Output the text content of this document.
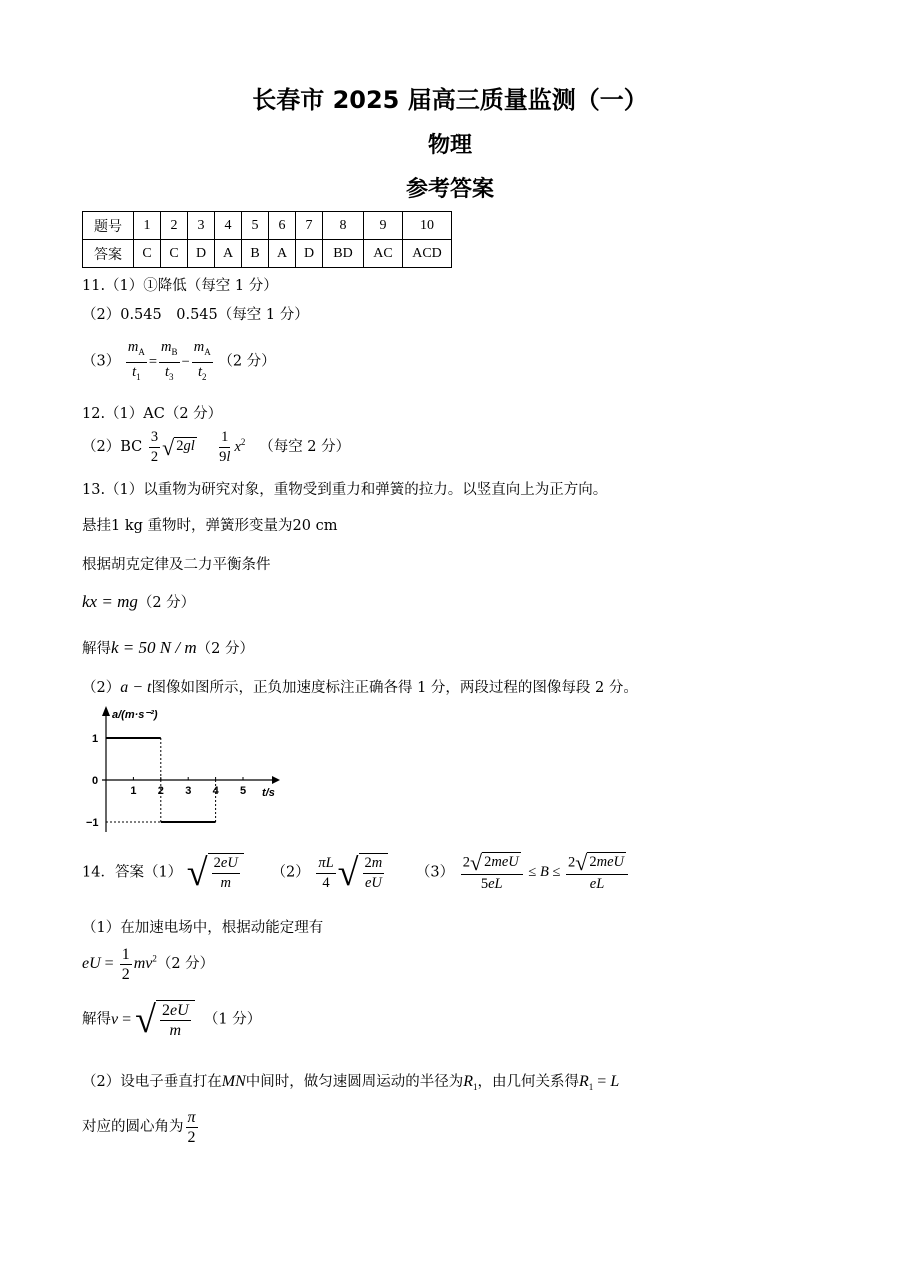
长春市 2025 届高三质量监测（一）
物理
参考答案
题号	1	2	3	4	5	6	7	8	9	10
答案	C	C	D	A	B	A	D	BD	AC	ACD
11.（1）①降低（每空 1 分）
（2）0.545　0.545（每空 1 分）
$(3) \frac{m_A}{t_1} = \frac{m_B}{t_3} - \frac{m_A}{t_2} (2$ 分）
12.（1）AC（2 分）
$(2)BC \frac{3}{2}$ √ 2gl
$\frac{1}{9l} x^2$ （每空 2 分）
13.（1）以重物为研究对象，重物受到重力和弹簧的拉力。以竖直向上为正方向。
悬挂1 kg 重物时，弹簧形变量为20 cm
根据胡克定律及二力平衡条件
kx = mg（2 分）
解得k = 50 N / m（2 分）
（2）a − t图像如图所示，正负加速度标注正确各得 1 分，两段过程的图像每段 2 分。
a/(m·s⁻²)
t/s
1 2 3 4 5
1
0
−1
14．答案（1） √ $\frac{2eU}{m} (2) \frac{\pi L}{4}$ √ $\frac{2m}{eU} (3) \frac{\text{2 √ 2meU}}{5eL} \le B \le \frac{\text{2 √ 2meU}}{eL}$
（1）在加速电场中，根据动能定理有
eU = $\frac{1}{2} mv^2(2$ 分）
解得v = √ $\frac{2eU}{m} (1$ 分）
（2）设电子垂直打在MN中间时，做匀速圆周运动的半径为$R_1$，由几何关系得$R_1 = L$
对应的圆心角为 $\frac{\pi}{2}$
